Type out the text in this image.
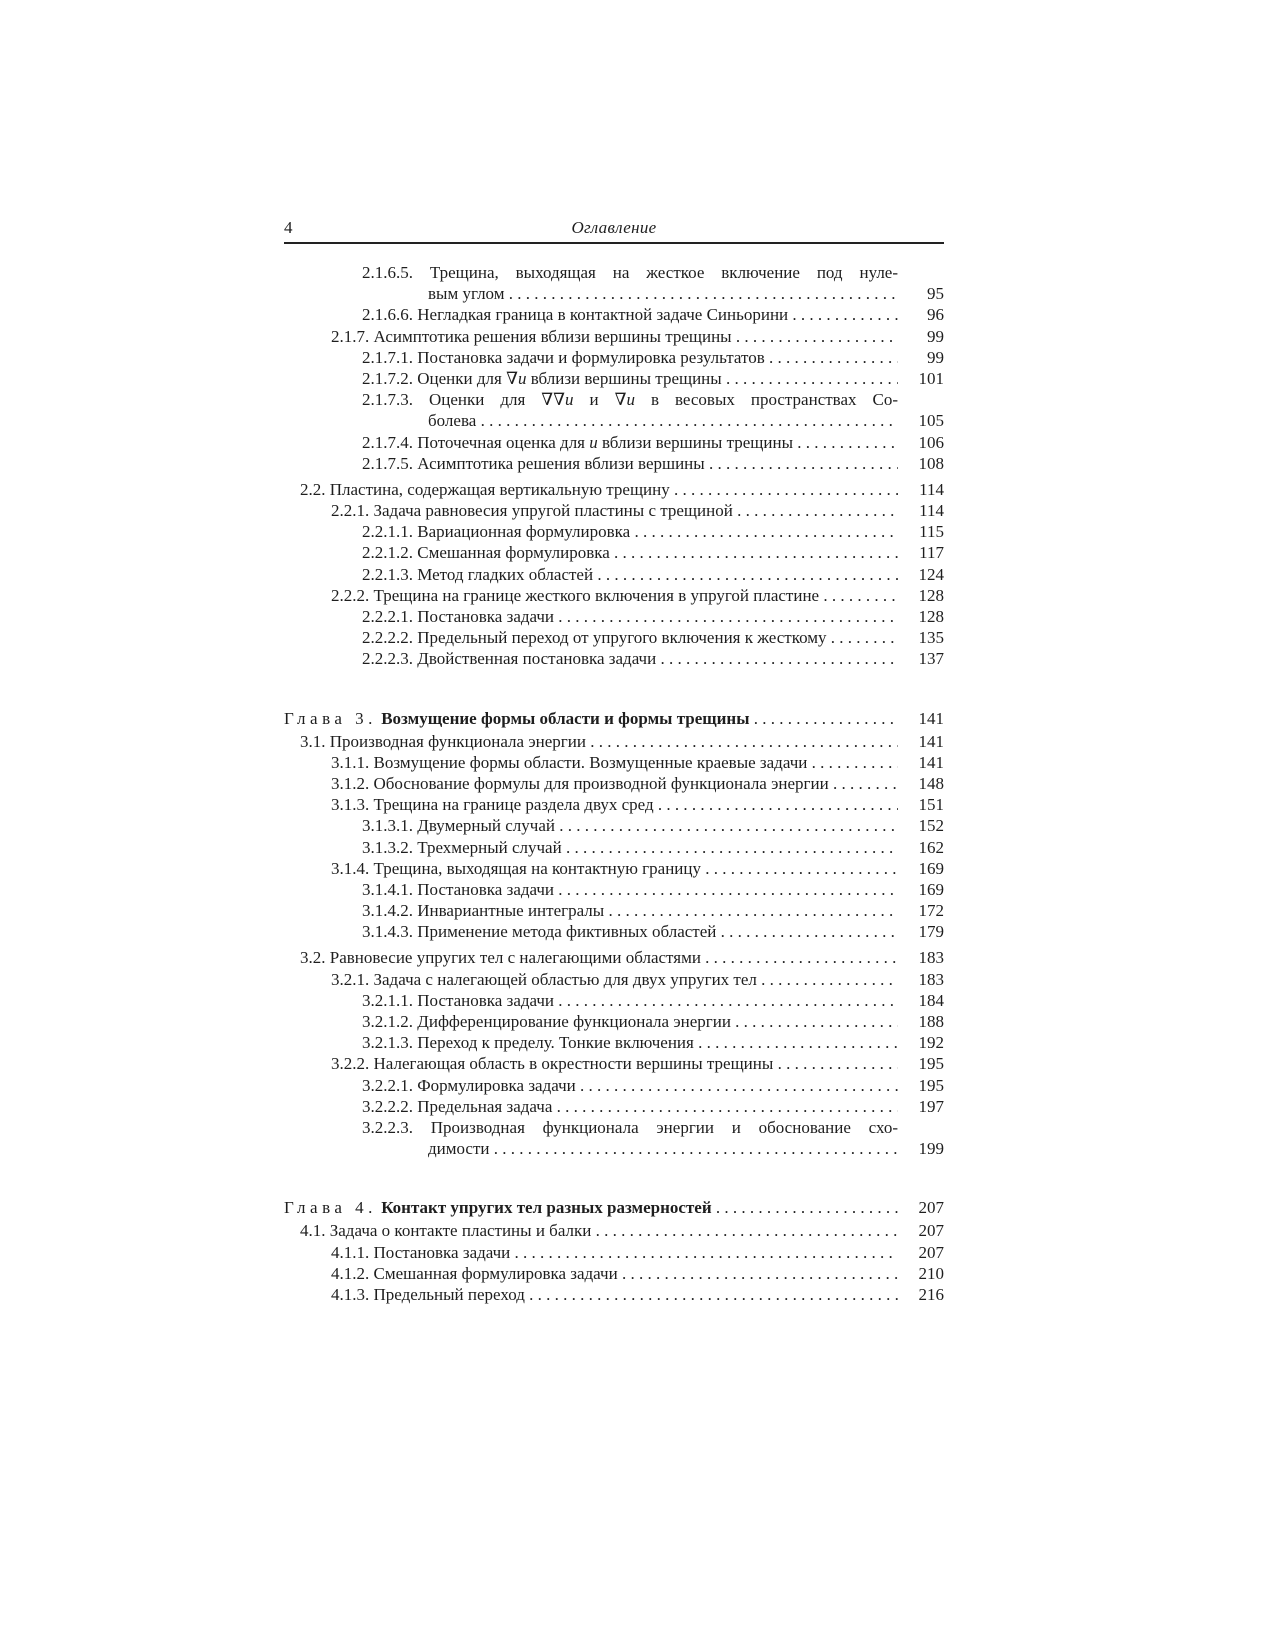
4	Оглавление
2.1.6.5. Трещина, выходящая на жесткое включение под нуле-
вым углом . . .	95
2.1.6.6. Негладкая граница в контактной задаче Синьорини . . .	96
2.1.7. Асимптотика решения вблизи вершины трещины . . .	99
2.1.7.1. Постановка задачи и формулировка результатов . . .	99
2.1.7.2. Оценки для ∇u вблизи вершины трещины . . .	101
2.1.7.3. Оценки для ∇∇u и ∇u в весовых пространствах Со-
болева . . .	105
2.1.7.4. Поточечная оценка для u вблизи вершины трещины . . .	106
2.1.7.5. Асимптотика решения вблизи вершины . . .	108
2.2. Пластина, содержащая вертикальную трещину . . .	114
2.2.1. Задача равновесия упругой пластины с трещиной . . .	114
2.2.1.1. Вариационная формулировка . . .	115
2.2.1.2. Смешанная формулировка . . .	117
2.2.1.3. Метод гладких областей . . .	124
2.2.2. Трещина на границе жесткого включения в упругой пластине . . .	128
2.2.2.1. Постановка задачи . . .	128
2.2.2.2. Предельный переход от упругого включения к жесткому . . .	135
2.2.2.3. Двойственная постановка задачи . . .	137
Глава 3. Возмущение формы области и формы трещины . . .	141
3.1. Производная функционала энергии . . .	141
3.1.1. Возмущение формы области. Возмущенные краевые задачи . . .	141
3.1.2. Обоснование формулы для производной функционала энергии . . .	148
3.1.3. Трещина на границе раздела двух сред . . .	151
3.1.3.1. Двумерный случай . . .	152
3.1.3.2. Трехмерный случай . . .	162
3.1.4. Трещина, выходящая на контактную границу . . .	169
3.1.4.1. Постановка задачи . . .	169
3.1.4.2. Инвариантные интегралы . . .	172
3.1.4.3. Применение метода фиктивных областей . . .	179
3.2. Равновесие упругих тел с налегающими областями . . .	183
3.2.1. Задача с налегающей областью для двух упругих тел . . .	183
3.2.1.1. Постановка задачи . . .	184
3.2.1.2. Дифференцирование функционала энергии . . .	188
3.2.1.3. Переход к пределу. Тонкие включения . . .	192
3.2.2. Налегающая область в окрестности вершины трещины . . .	195
3.2.2.1. Формулировка задачи . . .	195
3.2.2.2. Предельная задача . . .	197
3.2.2.3. Производная функционала энергии и обоснование схо-
димости . . .	199
Глава 4. Контакт упругих тел разных размерностей . . .	207
4.1. Задача о контакте пластины и балки . . .	207
4.1.1. Постановка задачи . . .	207
4.1.2. Смешанная формулировка задачи . . .	210
4.1.3. Предельный переход . . .	216
